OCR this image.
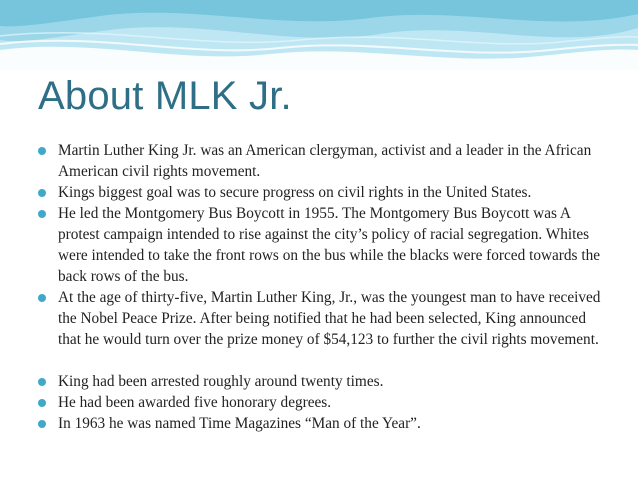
About MLK Jr.
Martin Luther King Jr. was an American clergyman, activist and a leader in the African American civil rights movement.
Kings biggest goal was to secure progress on civil rights in the United States.
He led the Montgomery Bus Boycott in 1955. The Montgomery Bus Boycott was A protest campaign intended to rise against the city’s policy of racial segregation. Whites were intended to take the front rows on the bus while the blacks were forced towards the back rows of the bus.
At the age of thirty-five, Martin Luther King, Jr., was the youngest man to have received the Nobel Peace Prize. After being notified that he had been selected, King announced that he would turn over the prize money of $54,123 to further the civil rights movement.
King had been arrested roughly around twenty times.
He had been awarded five honorary degrees.
In 1963 he was named Time Magazines “Man of the Year”.
